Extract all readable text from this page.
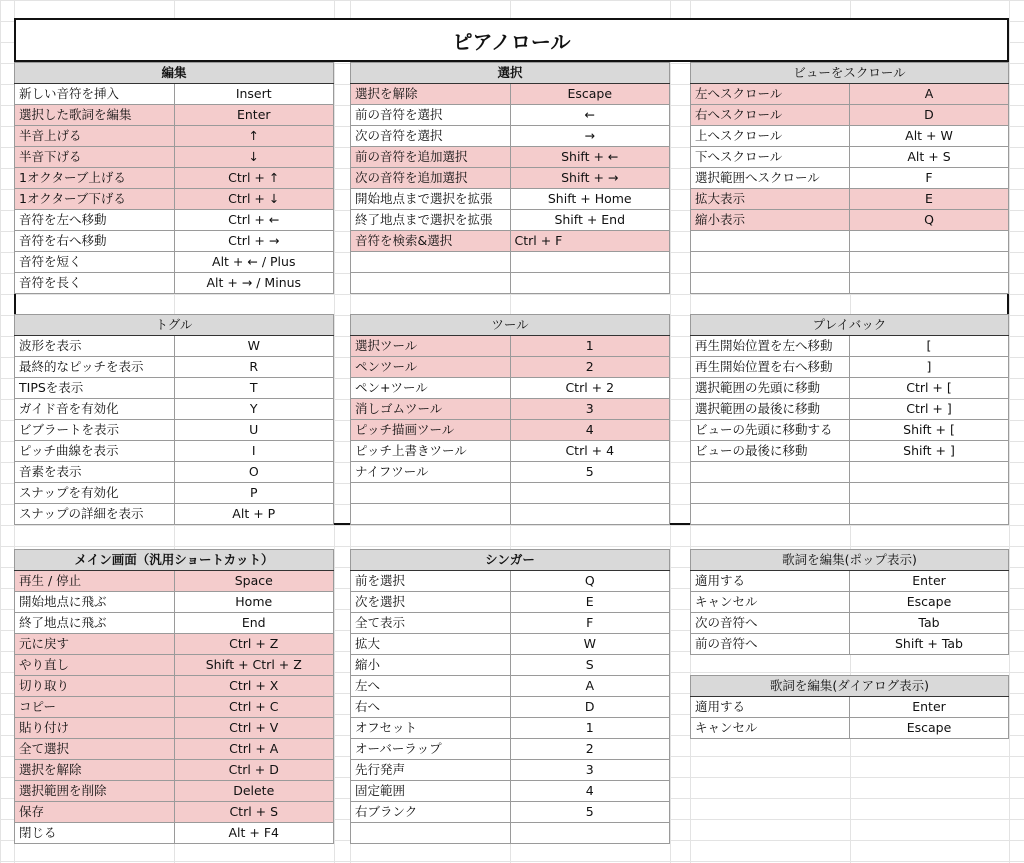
ピアノロール
編集	
新しい音符を挿入	Insert
選択した歌詞を編集	Enter
半音上げる	↑
半音下げる	↓
1オクターブ上げる	Ctrl + ↑
1オクターブ下げる	Ctrl + ↓
音符を左へ移動	Ctrl + ←
音符を右へ移動	Ctrl + →
音符を短く	Alt + ← / Plus
音符を長く	Alt + → / Minus
選択	
選択を解除	Escape
前の音符を選択	←
次の音符を選択	→
前の音符を追加選択	Shift + ←
次の音符を追加選択	Shift + →
開始地点まで選択を拡張	Shift + Home
終了地点まで選択を拡張	Shift + End
音符を検索&選択	Ctrl + F

ビューをスクロール	
左へスクロール	A
右へスクロール	D
上へスクロール	Alt + W
下へスクロール	Alt + S
選択範囲へスクロール	F
拡大表示	E
縮小表示	Q

トグル	
波形を表示	W
最終的なピッチを表示	R
TIPSを表示	T
ガイド音を有効化	Y
ビブラートを表示	U
ピッチ曲線を表示	I
音素を表示	O
スナップを有効化	P
スナップの詳細を表示	Alt + P
ツール	
選択ツール	1
ペンツール	2
ペン+ツール	Ctrl + 2
消しゴムツール	3
ピッチ描画ツール	4
ピッチ上書きツール	Ctrl + 4
ナイフツール	5

プレイバック	
再生開始位置を左へ移動	[
再生開始位置を右へ移動	]
選択範囲の先頭に移動	Ctrl + [
選択範囲の最後に移動	Ctrl + ]
ビューの先頭に移動する	Shift + [
ビューの最後に移動	Shift + ]

メイン画面（汎用ショートカット）	
再生 / 停止	Space
開始地点に飛ぶ	Home
終了地点に飛ぶ	End
元に戻す	Ctrl + Z
やり直し	Shift + Ctrl + Z
切り取り	Ctrl + X
コピー	Ctrl + C
貼り付け	Ctrl + V
全て選択	Ctrl + A
選択を解除	Ctrl + D
選択範囲を削除	Delete
保存	Ctrl + S
閉じる	Alt + F4
シンガー	
前を選択	Q
次を選択	E
全て表示	F
拡大	W
縮小	S
左へ	A
右へ	D
オフセット	1
オーバーラップ	2
先行発声	3
固定範囲	4
右ブランク	5

歌詞を編集(ポップ表示)	
適用する	Enter
キャンセル	Escape
次の音符へ	Tab
前の音符へ	Shift + Tab
歌詞を編集(ダイアログ表示)	
適用する	Enter
キャンセル	Escape
